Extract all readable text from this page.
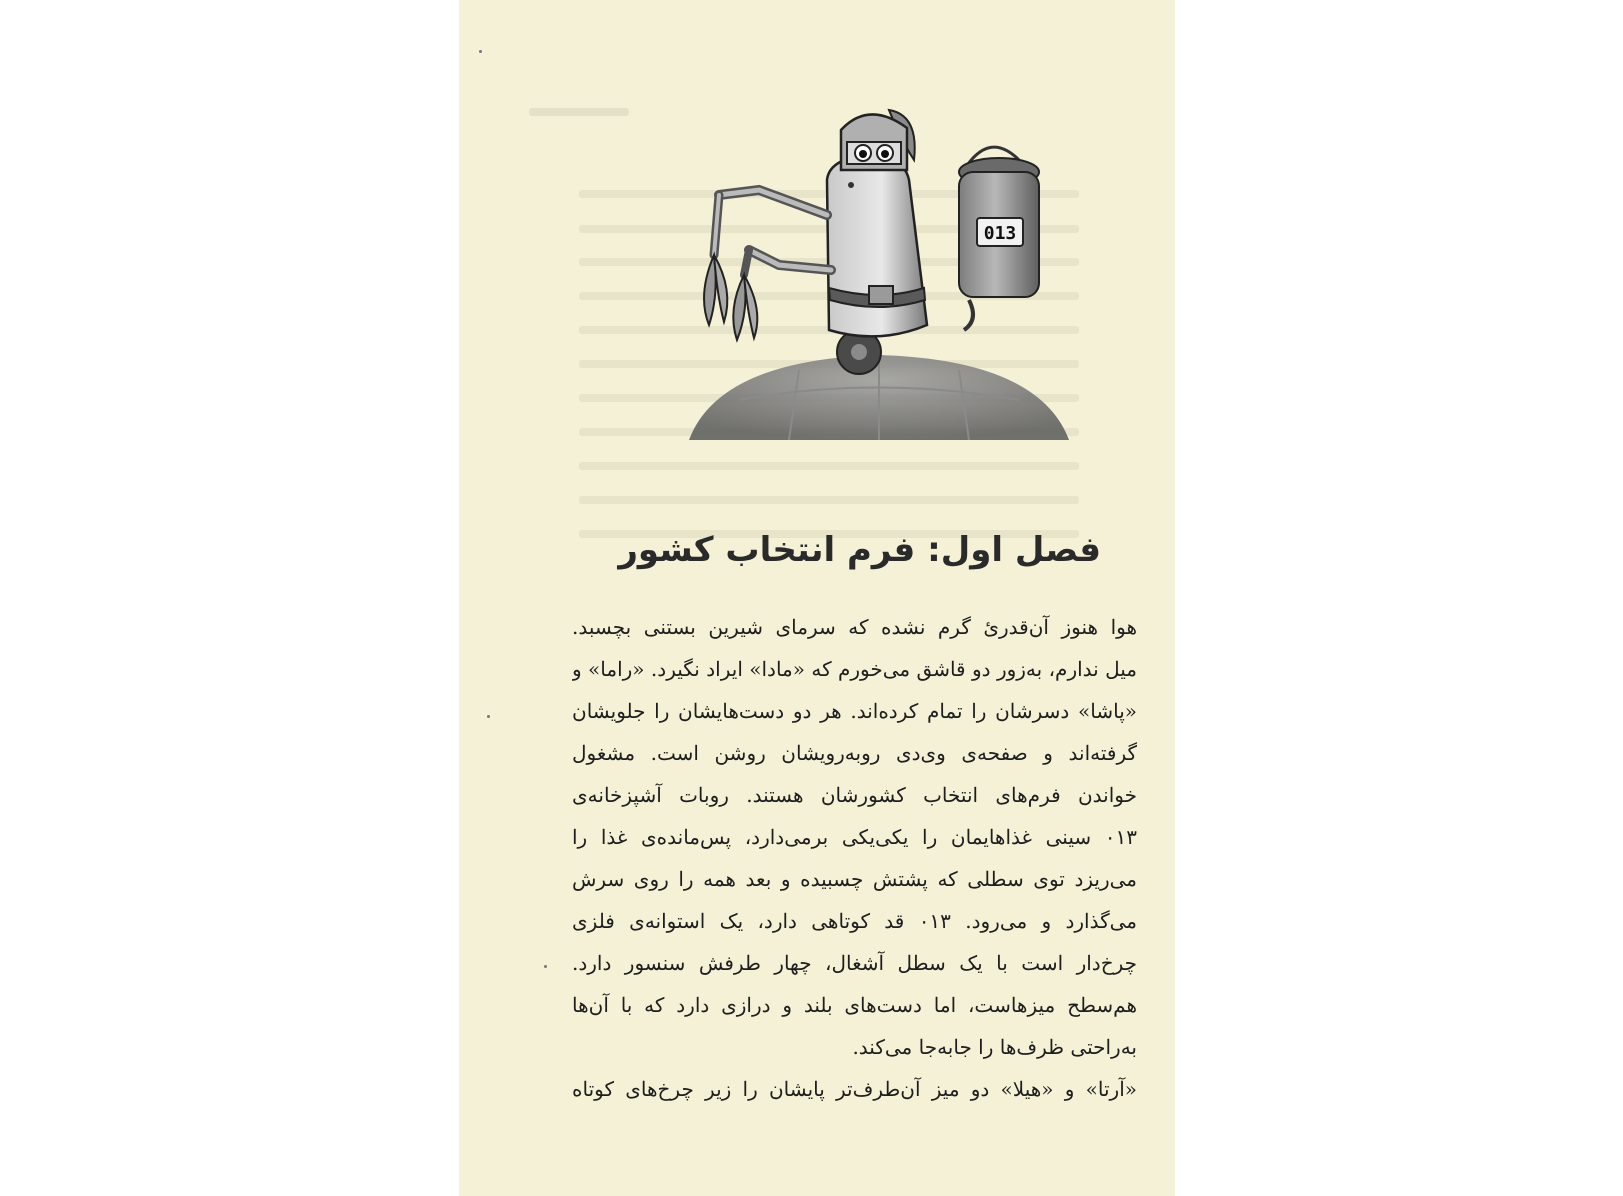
013
فصل اول: فرم انتخاب کشور
هوا هنوز آن‌قدرئ گرم نشده که سرمای شیرین بستنی بچسبد.
میل ندارم، به‌زور دو قاشق می‌خورم که «مادا» ایراد نگیرد. «راما» و
«پاشا» دسرشان را تمام کرده‌اند. هر دو دست‌هایشان را جلویشان
گرفته‌اند و صفحه‌ی وی‌دی روبه‌رویشان روشن است. مشغول
خواندن فرم‌های انتخاب کشورشان هستند. روبات آشپزخانه‌ی
۰۱۳ سینی غذاهایمان را یکی‌یکی برمی‌دارد، پس‌مانده‌ی غذا را
می‌ریزد توی سطلی که پشتش چسبیده و بعد همه را روی سرش
می‌گذارد و می‌رود. ۰۱۳ قد کوتاهی دارد، یک استوانه‌ی فلزی
چرخ‌دار است با یک سطل آشغال، چهار طرفش سنسور دارد.
هم‌سطح میزهاست، اما دست‌های بلند و درازی دارد که با آن‌ها
به‌راحتی ظرف‌ها را جابه‌جا می‌کند.
«آرتا» و «هیلا» دو میز آن‌طرف‌تر پایشان را زیر چرخ‌های کوتاه
